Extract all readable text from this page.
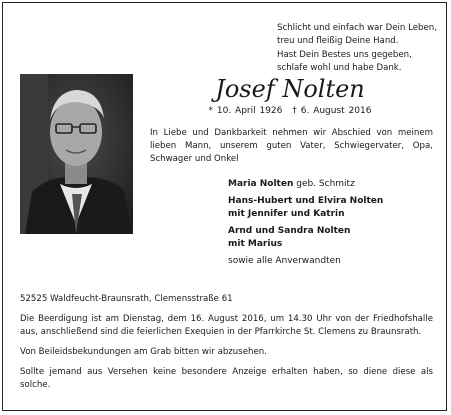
Schlicht und einfach war Dein Leben,
treu und fleißig Deine Hand.
Hast Dein Bestes uns gegeben,
schlafe wohl und habe Dank.
Josef Nolten
* 10. April 1926 † 6. August 2016
In Liebe und Dankbarkeit nehmen wir Abschied von meinem lieben Mann, unserem guten Vater, Schwiegervater, Opa, Schwager und Onkel
Maria Nolten geb. Schmitz
Hans-Hubert und Elvira Nolten
mit Jennifer und Katrin
Arnd und Sandra Nolten
mit Marius
sowie alle Anverwandten

52525 Waldfeucht-Braunsrath, Clemensstraße 61

Die Beerdigung ist am Dienstag, dem 16. August 2016, um 14.30 Uhr von der Friedhofshalle aus, anschließend sind die feierlichen Exequien in der Pfarrkirche St. Clemens zu Braunsrath.

Von Beileidsbekundungen am Grab bitten wir abzusehen.

Sollte jemand aus Versehen keine besondere Anzeige erhalten haben, so diene diese als solche.
